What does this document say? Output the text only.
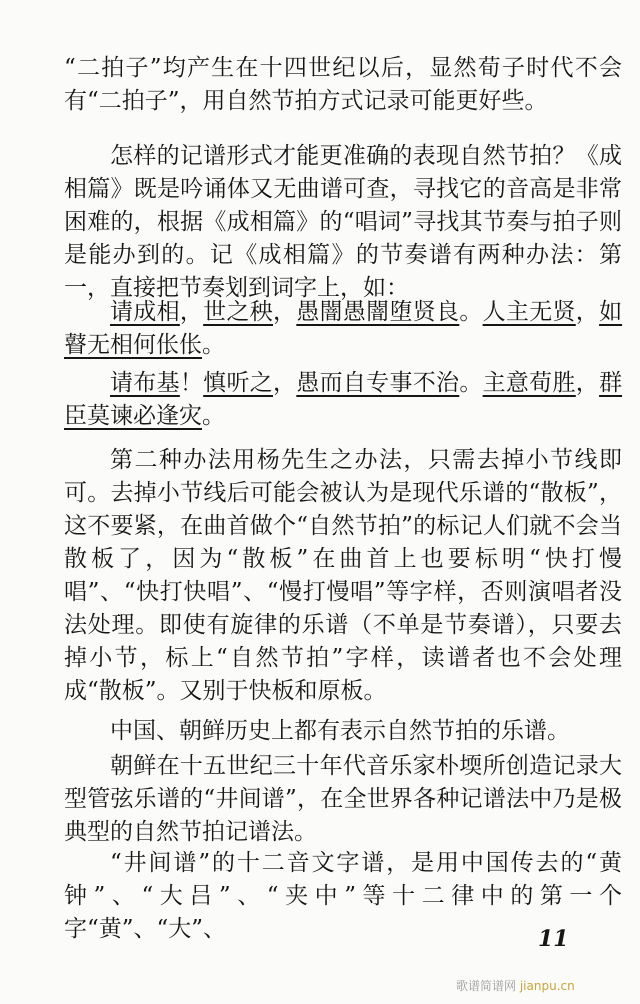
“二拍子”均产生在十四世纪以后，显然荀子时代不会有“二拍子”，用自然节拍方式记录可能更好些。

怎样的记谱形式才能更准确的表现自然节拍？《成相篇》既是吟诵体又无曲谱可查，寻找它的音高是非常困难的，根据《成相篇》的“唱词”寻找其节奏与拍子则是能办到的。记《成相篇》的节奏谱有两种办法：第一，直接把节奏划到词字上，如：

请成相，世之秧，愚闇愚闇堕贤良。人主无贤，如瞽无相何伥伥。

请布基！慎听之，愚而自专事不治。主意荀胜，群臣莫谏必逢灾。

第二种办法用杨先生之办法，只需去掉小节线即可。去掉小节线后可能会被认为是现代乐谱的“散板”，这不要紧，在曲首做个“自然节拍”的标记人们就不会当散板了，因为“散板”在曲首上也要标明“快打慢唱”、“快打快唱”、“慢打慢唱”等字样，否则演唱者没法处理。即使有旋律的乐谱（不单是节奏谱），只要去掉小节，标上“自然节拍”字样，读谱者也不会处理成“散板”。又别于快板和原板。

中国、朝鲜历史上都有表示自然节拍的乐谱。

朝鲜在十五世纪三十年代音乐家朴堧所创造记录大型管弦乐谱的“井间谱”，在全世界各种记谱法中乃是极典型的自然节拍记谱法。

“井间谱”的十二音文字谱，是用中国传去的“黄钟”、“大吕”、“夹中”等十二律中的第一个字“黄”、“大”、	11
歌谱简谱网 jianpu.cn
